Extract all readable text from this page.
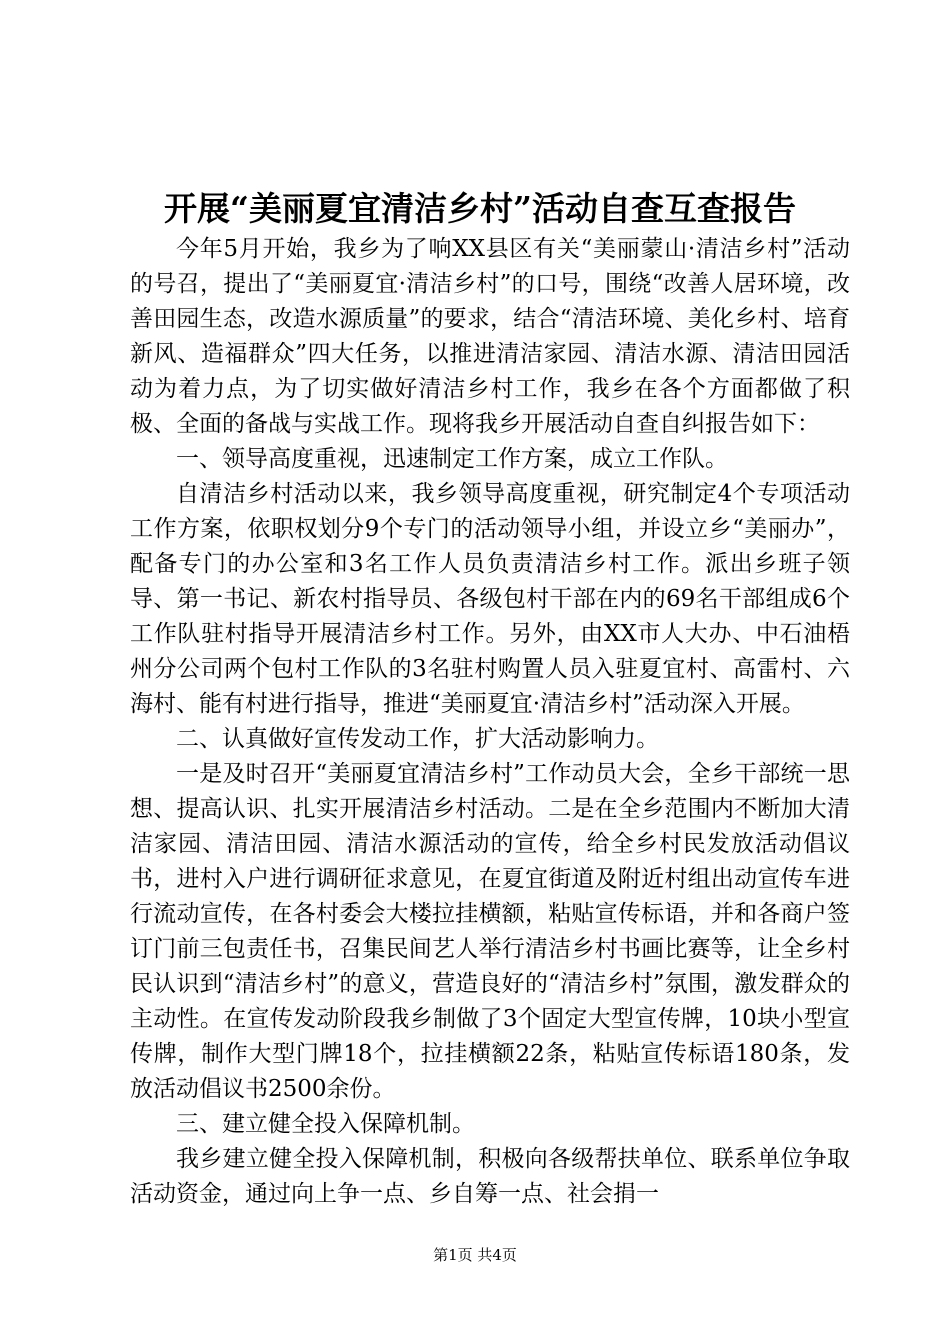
开展“美丽夏宜清洁乡村”活动自查互查报告

今年5月开始，我乡为了响XX县区有关“美丽蒙山·清洁乡村”活动的号召，提出了“美丽夏宜·清洁乡村”的口号，围绕“改善人居环境，改善田园生态，改造水源质量”的要求，结合“清洁环境、美化乡村、培育新风、造福群众”四大任务，以推进清洁家园、清洁水源、清洁田园活动为着力点，为了切实做好清洁乡村工作，我乡在各个方面都做了积极、全面的备战与实战工作。现将我乡开展活动自查自纠报告如下：

一、领导高度重视，迅速制定工作方案，成立工作队。

自清洁乡村活动以来，我乡领导高度重视，研究制定4个专项活动工作方案，依职权划分9个专门的活动领导小组，并设立乡“美丽办”，配备专门的办公室和3名工作人员负责清洁乡村工作。派出乡班子领导、第一书记、新农村指导员、各级包村干部在内的69名干部组成6个工作队驻村指导开展清洁乡村工作。另外，由XX市人大办、中石油梧州分公司两个包村工作队的3名驻村购置人员入驻夏宜村、高雷村、六海村、能有村进行指导，推进“美丽夏宜·清洁乡村”活动深入开展。

二、认真做好宣传发动工作，扩大活动影响力。

一是及时召开“美丽夏宜清洁乡村”工作动员大会，全乡干部统一思想、提高认识、扎实开展清洁乡村活动。二是在全乡范围内不断加大清洁家园、清洁田园、清洁水源活动的宣传，给全乡村民发放活动倡议书，进村入户进行调研征求意见，在夏宜街道及附近村组出动宣传车进行流动宣传，在各村委会大楼拉挂横额，粘贴宣传标语，并和各商户签订门前三包责任书，召集民间艺人举行清洁乡村书画比赛等，让全乡村民认识到“清洁乡村”的意义，营造良好的“清洁乡村”氛围，激发群众的主动性。在宣传发动阶段我乡制做了3个固定大型宣传牌，10块小型宣传牌，制作大型门牌18个，拉挂横额22条，粘贴宣传标语180条，发放活动倡议书2500余份。

三、建立健全投入保障机制。

我乡建立健全投入保障机制，积极向各级帮扶单位、联系单位争取活动资金，通过向上争一点、乡自筹一点、社会捐一

第1页 共4页
